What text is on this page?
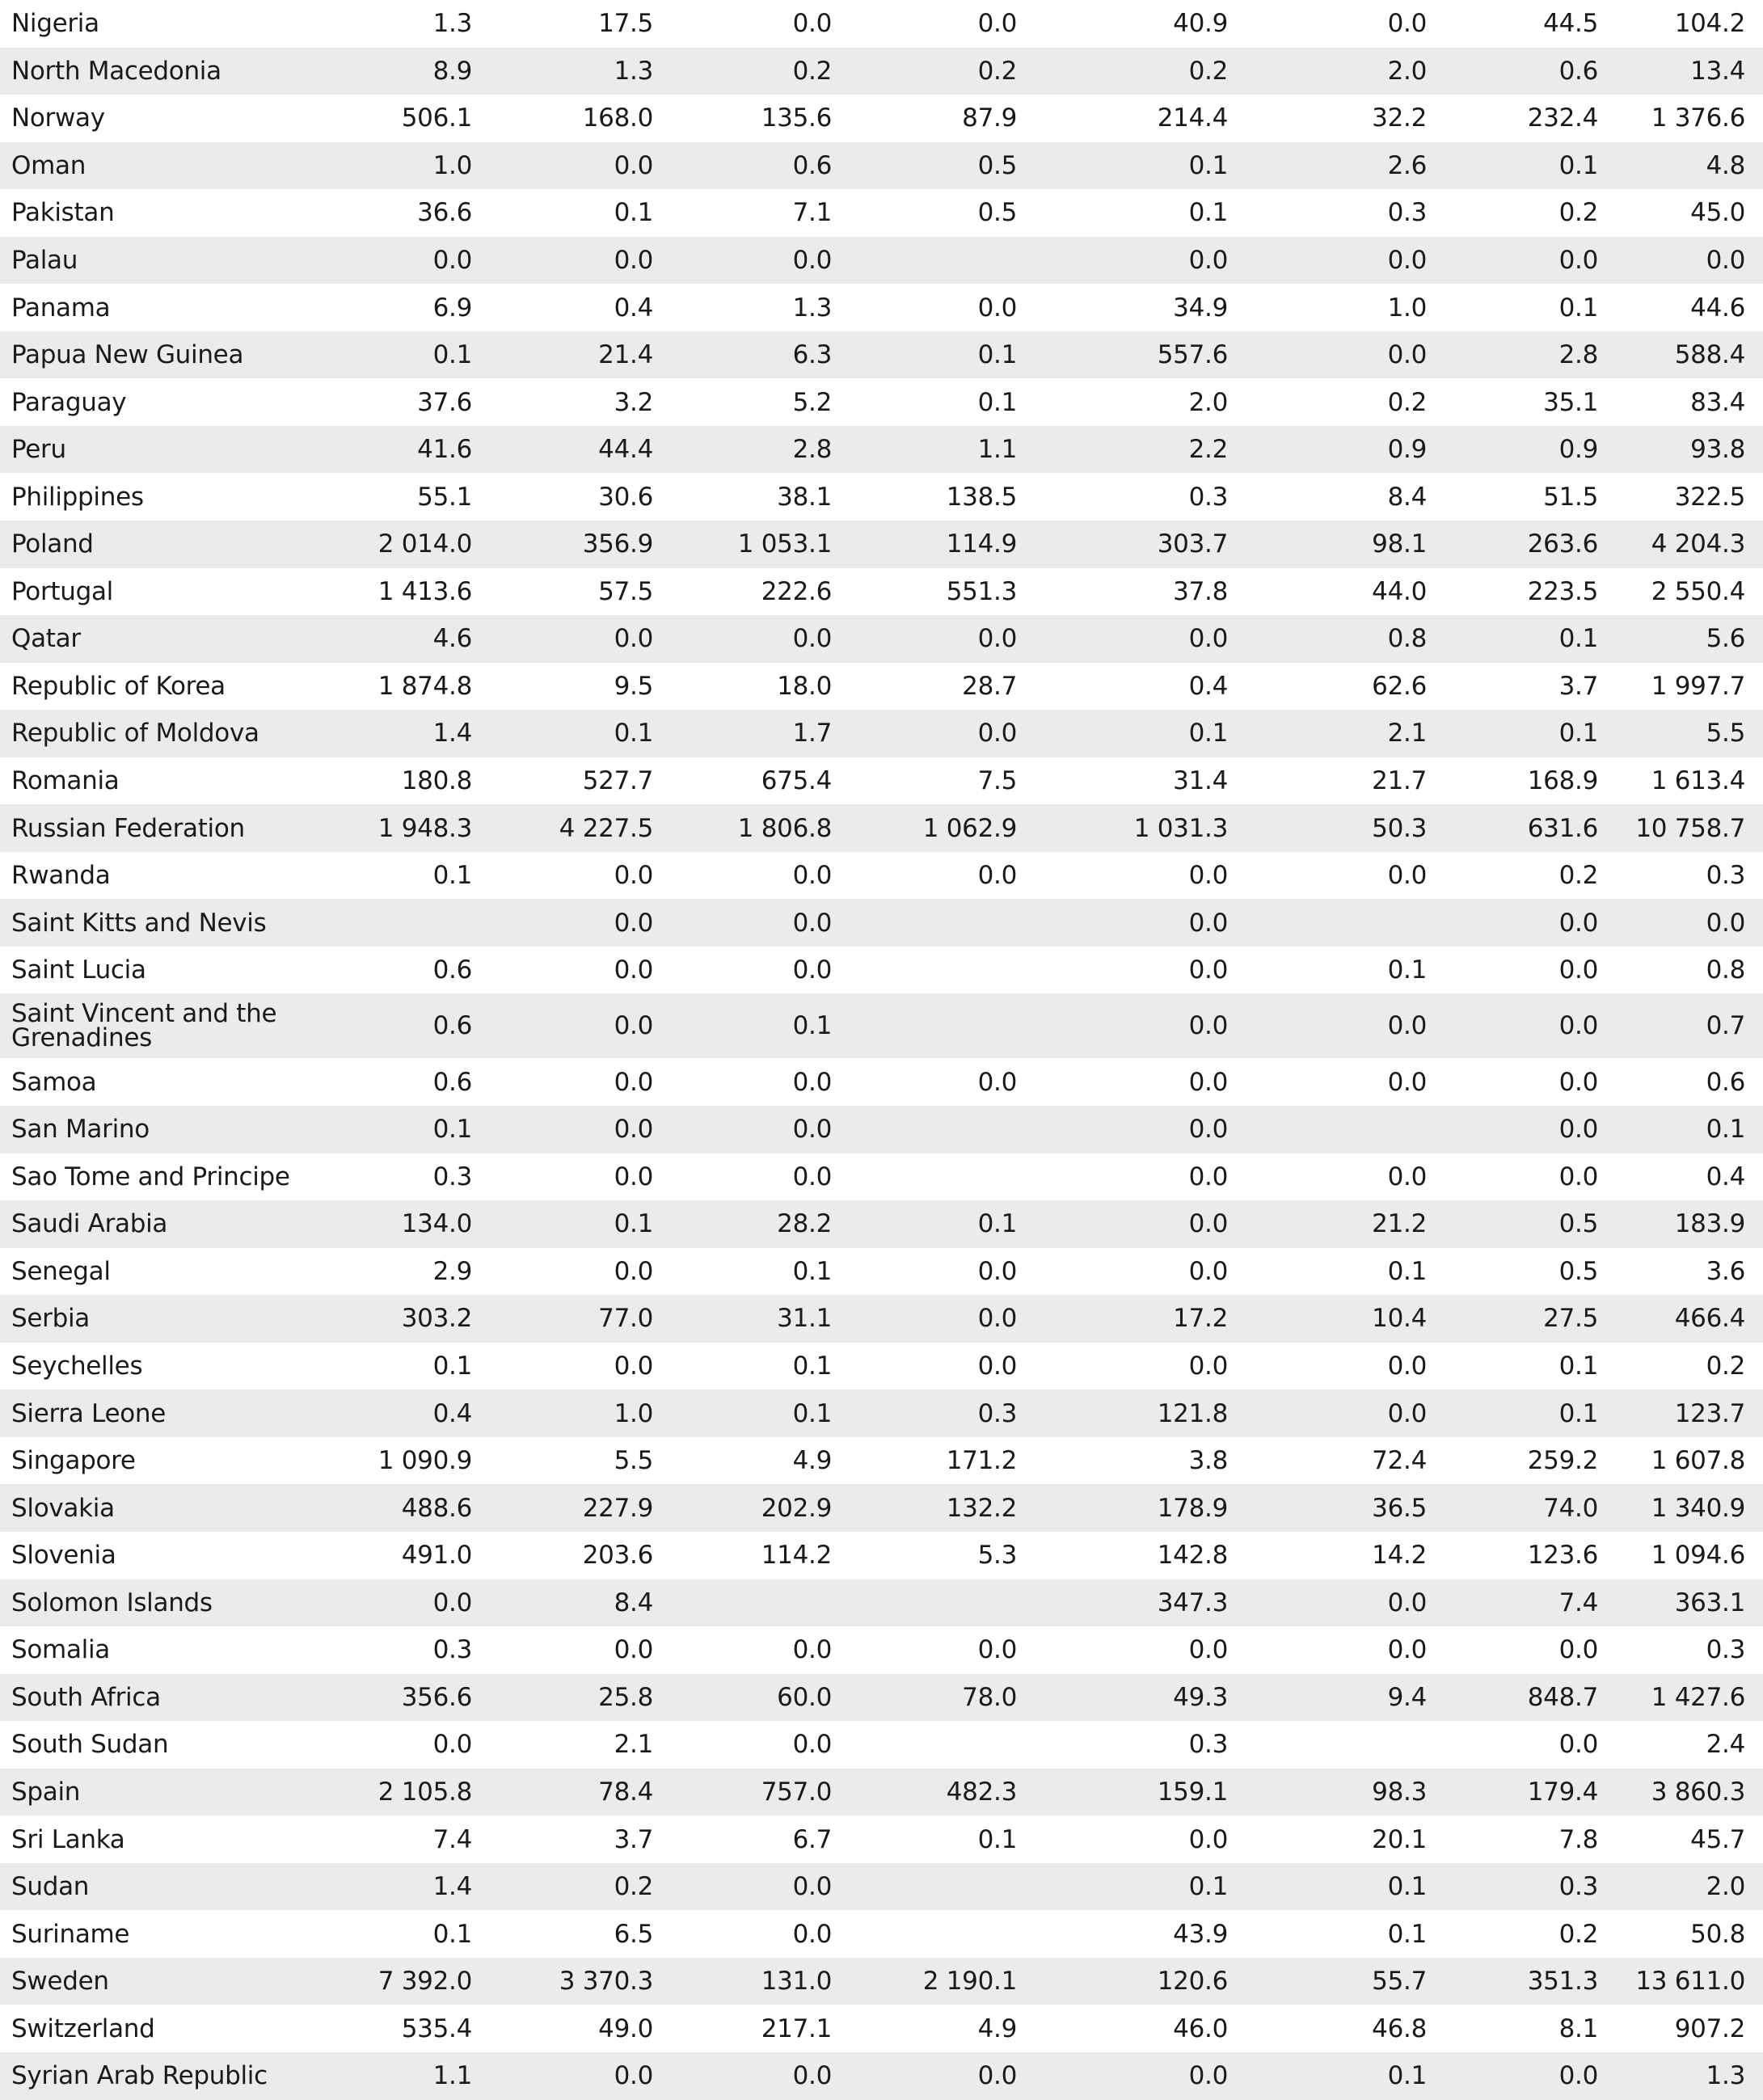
Nigeria	1.3	17.5	0.0	0.0	40.9	0.0	44.5	104.2
North Macedonia	8.9	1.3	0.2	0.2	0.2	2.0	0.6	13.4
Norway	506.1	168.0	135.6	87.9	214.4	32.2	232.4	1 376.6
Oman	1.0	0.0	0.6	0.5	0.1	2.6	0.1	4.8
Pakistan	36.6	0.1	7.1	0.5	0.1	0.3	0.2	45.0
Palau	0.0	0.0	0.0		0.0	0.0	0.0	0.0
Panama	6.9	0.4	1.3	0.0	34.9	1.0	0.1	44.6
Papua New Guinea	0.1	21.4	6.3	0.1	557.6	0.0	2.8	588.4
Paraguay	37.6	3.2	5.2	0.1	2.0	0.2	35.1	83.4
Peru	41.6	44.4	2.8	1.1	2.2	0.9	0.9	93.8
Philippines	55.1	30.6	38.1	138.5	0.3	8.4	51.5	322.5
Poland	2 014.0	356.9	1 053.1	114.9	303.7	98.1	263.6	4 204.3
Portugal	1 413.6	57.5	222.6	551.3	37.8	44.0	223.5	2 550.4
Qatar	4.6	0.0	0.0	0.0	0.0	0.8	0.1	5.6
Republic of Korea	1 874.8	9.5	18.0	28.7	0.4	62.6	3.7	1 997.7
Republic of Moldova	1.4	0.1	1.7	0.0	0.1	2.1	0.1	5.5
Romania	180.8	527.7	675.4	7.5	31.4	21.7	168.9	1 613.4
Russian Federation	1 948.3	4 227.5	1 806.8	1 062.9	1 031.3	50.3	631.6	10 758.7
Rwanda	0.1	0.0	0.0	0.0	0.0	0.0	0.2	0.3
Saint Kitts and Nevis		0.0	0.0		0.0		0.0	0.0
Saint Lucia	0.6	0.0	0.0		0.0	0.1	0.0	0.8
Saint Vincent and the Grenadines	0.6	0.0	0.1		0.0	0.0	0.0	0.7
Samoa	0.6	0.0	0.0	0.0	0.0	0.0	0.0	0.6
San Marino	0.1	0.0	0.0		0.0		0.0	0.1
Sao Tome and Principe	0.3	0.0	0.0		0.0	0.0	0.0	0.4
Saudi Arabia	134.0	0.1	28.2	0.1	0.0	21.2	0.5	183.9
Senegal	2.9	0.0	0.1	0.0	0.0	0.1	0.5	3.6
Serbia	303.2	77.0	31.1	0.0	17.2	10.4	27.5	466.4
Seychelles	0.1	0.0	0.1	0.0	0.0	0.0	0.1	0.2
Sierra Leone	0.4	1.0	0.1	0.3	121.8	0.0	0.1	123.7
Singapore	1 090.9	5.5	4.9	171.2	3.8	72.4	259.2	1 607.8
Slovakia	488.6	227.9	202.9	132.2	178.9	36.5	74.0	1 340.9
Slovenia	491.0	203.6	114.2	5.3	142.8	14.2	123.6	1 094.6
Solomon Islands	0.0	8.4			347.3	0.0	7.4	363.1
Somalia	0.3	0.0	0.0	0.0	0.0	0.0	0.0	0.3
South Africa	356.6	25.8	60.0	78.0	49.3	9.4	848.7	1 427.6
South Sudan	0.0	2.1	0.0		0.3		0.0	2.4
Spain	2 105.8	78.4	757.0	482.3	159.1	98.3	179.4	3 860.3
Sri Lanka	7.4	3.7	6.7	0.1	0.0	20.1	7.8	45.7
Sudan	1.4	0.2	0.0		0.1	0.1	0.3	2.0
Suriname	0.1	6.5	0.0		43.9	0.1	0.2	50.8
Sweden	7 392.0	3 370.3	131.0	2 190.1	120.6	55.7	351.3	13 611.0
Switzerland	535.4	49.0	217.1	4.9	46.0	46.8	8.1	907.2
Syrian Arab Republic	1.1	0.0	0.0	0.0	0.0	0.1	0.0	1.3
